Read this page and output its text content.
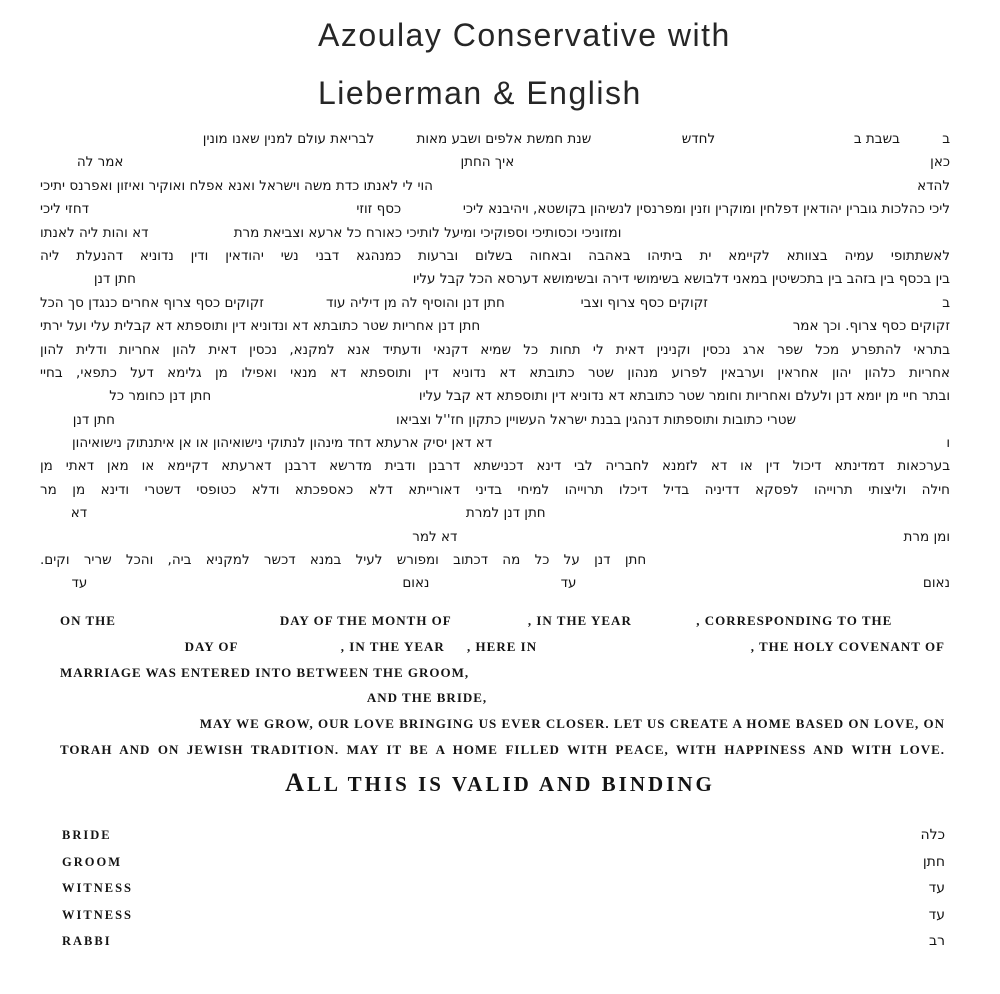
Azoulay Conservative with
Lieberman & English
ב
בשבת ב
לחדש
שנת חמשת אלפים ושבע מאות
לבריאת עולם למנין שאנו מונין
כאן
איך החתן
אמר לה
להדא
הוי לי לאנתו כדת משה וישראל ואנא אפלח ואוקיר ואיזון ואפרנס יתיכי
ליכי כהלכות גוברין יהודאין דפלחין ומוקרין וזנין ומפרנסין לנשיהון בקושטא, ויהיבנא ליכי
כסף זוזי
דחזי ליכי
ומזוניכי וכסותיכי וספוקיכי ומיעל לותיכי כאורח כל ארעא וצביאת מרת
דא והות ליה לאנתו
לאשתתופי עמיה בצוותא לקיימא ית ביתיהו באהבה ובאחוה בשלום וברעות כמנהגא דבני נשי יהודאין ודין נדוניא דהנעלת ליה
בין בכסף בין בזהב בין בתכשיטין במאני דלבושא בשימושי דירה ובשימושא דערסא הכל קבל עליו
חתן דנן
ב
זקוקים כסף צרוף וצבי
חתן דנן והוסיף לה מן דיליה עוד
זקוקים כסף צרוף אחרים כנגדן סך הכל
זקוקים כסף צרוף. וכך אמר
חתן דנן אחריות שטר כתובתא דא ונדוניא דין ותוספתא דא קבלית עלי ועל ירתי
בתראי להתפרע מכל שפר ארג נכסין וקנינין דאית לי תחות כל שמיא דקנאי ודעתיד אנא למקנא, נכסין דאית להון אחריות ודלית להון
אחריות כלהון יהון אחראין וערבאין לפרוע מנהון שטר כתובתא דא נדוניא דין ותוספתא דא מנאי ואפילו מן גלימא דעל כתפאי, בחיי
ובתר חיי מן יומא דנן ולעלם ואחריות וחומר שטר כתובתא דא נדוניא דין ותוספתא דא קבל עליו
חתן דנן כחומר כל
שטרי כתובות ותוספתות דנהגין בבנת ישראל העשויין כתקון חז''ל וצביאו
חתן דנן
ו
דא דאן יסיק ארעתא דחד מינהון לנתוקי נישואיהון או אן איתנתוק נישואיהון
בערכאות דמדינתא דיכול דין או דא לזמנא לחבריה לבי דינא דכנישתא דרבנן ודבית מדרשא דרבנן דארעתא דקיימא או מאן דאתי מן
חילה וליצותי תרוייהו לפסקא דדיניה בדיל דיכלו תרוייהו למיחי בדיני דאורייתא דלא כאספכתא ודלא כטופסי דשטרי ודינא מן מר
חתן דנן למרת
דא
ומן מרת
דא למר
חתן דנן על כל מה דכתוב ומפורש לעיל במנא דכשר למקניא ביה, והכל שריר וקים.
נאום
עד
נאום
עד
ON THE	DAY OF THE MONTH OF	, IN THE YEAR	, CORRESPONDING TO THE
DAY OF	, IN THE YEAR , HERE IN	, THE HOLY COVENANT OF
MARRIAGE WAS ENTERED INTO BETWEEN THE GROOM,
AND THE BRIDE,
MAY WE GROW, OUR LOVE BRINGING US EVER CLOSER. LET US CREATE A HOME BASED ON LOVE, ON
TORAH AND ON JEWISH TRADITION. MAY IT BE A HOME FILLED WITH PEACE, WITH HAPPINESS AND WITH LOVE.
ALL THIS IS VALID AND BINDING
BRIDE	כלה
GROOM	חתן
WITNESS	עד
WITNESS	עד
RABBI	רב
